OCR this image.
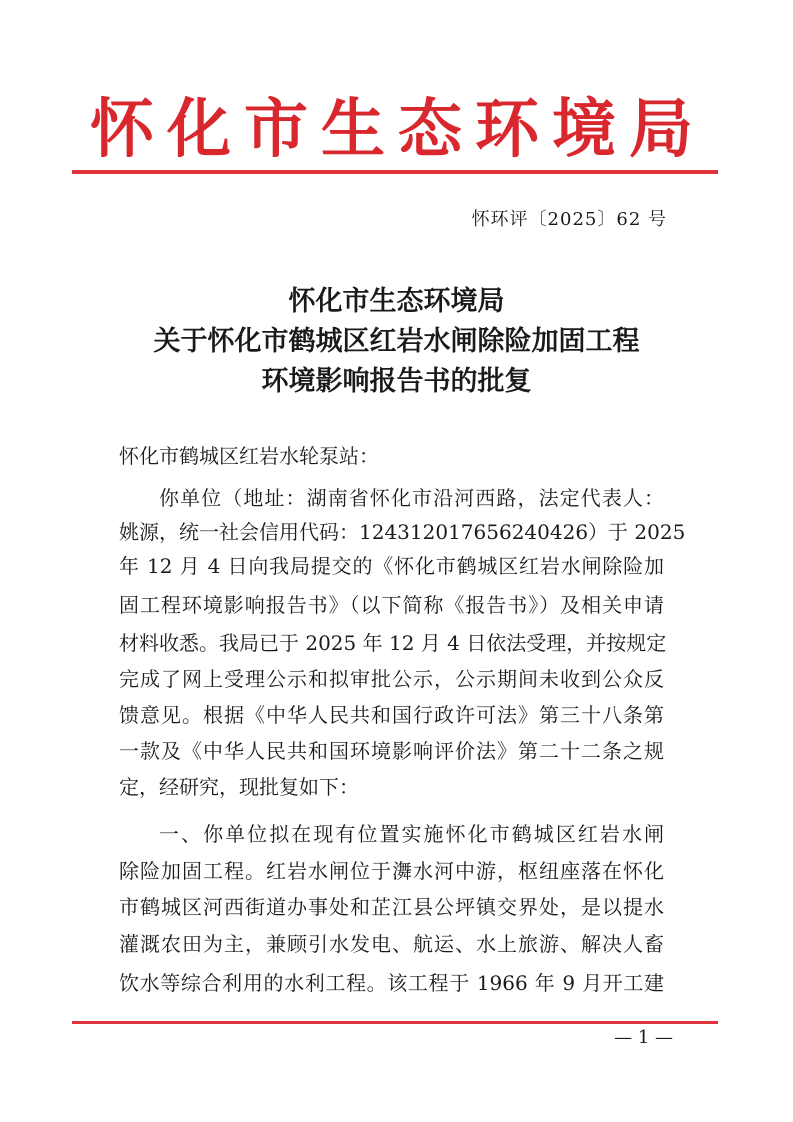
怀化市生态环境局
怀环评〔2025〕62 号
怀化市生态环境局
关于怀化市鹤城区红岩水闸除险加固工程
环境影响报告书的批复
怀化市鹤城区红岩水轮泵站：
你单位（地址：湖南省怀化市沿河西路，法定代表人：
姚源，统一社会信用代码：124312017656240426）于 2025
年 12 月 4 日向我局提交的《怀化市鹤城区红岩水闸除险加
固工程环境影响报告书》（以下简称《报告书》）及相关申请
材料收悉。我局已于 2025 年 12 月 4 日依法受理，并按规定
完成了网上受理公示和拟审批公示，公示期间未收到公众反
馈意见。根据《中华人民共和国行政许可法》第三十八条第
一款及《中华人民共和国环境影响评价法》第二十二条之规
定，经研究，现批复如下：
一、你单位拟在现有位置实施怀化市鹤城区红岩水闸
除险加固工程。红岩水闸位于㵲水河中游，枢纽座落在怀化
市鹤城区河西街道办事处和芷江县公坪镇交界处，是以提水
灌溉农田为主，兼顾引水发电、航运、水上旅游、解决人畜
饮水等综合利用的水利工程。该工程于 1966 年 9 月开工建
— 1 —
